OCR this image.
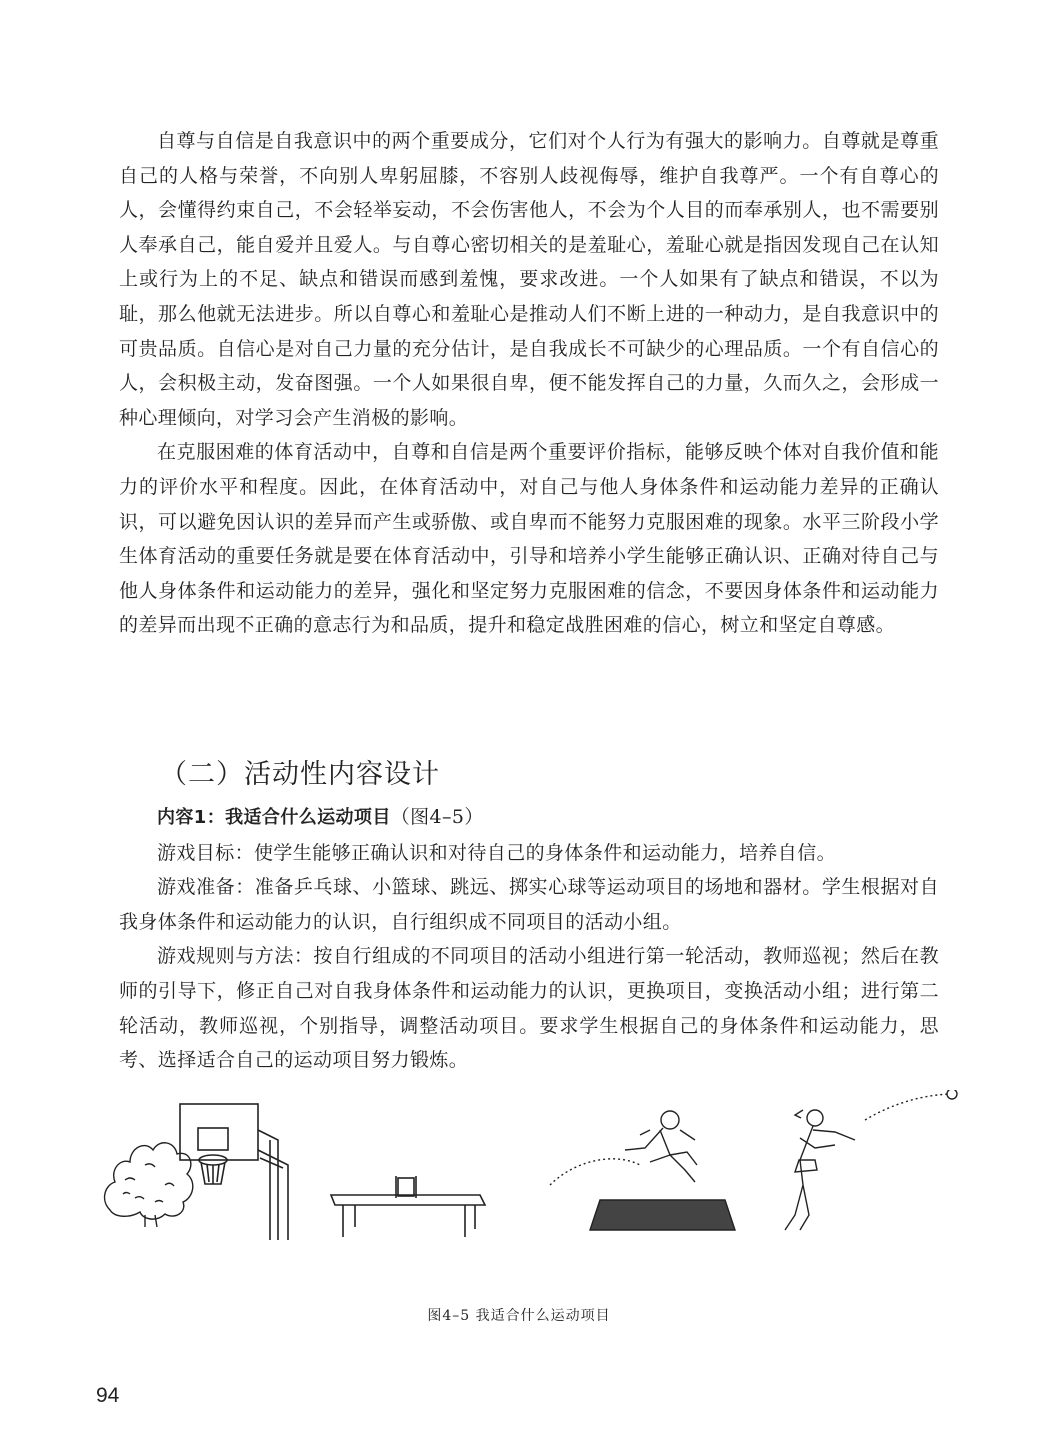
自尊与自信是自我意识中的两个重要成分，它们对个人行为有强大的影响力。自尊就是尊重自己的人格与荣誉，不向别人卑躬屈膝，不容别人歧视侮辱，维护自我尊严。一个有自尊心的人，会懂得约束自己，不会轻举妄动，不会伤害他人，不会为个人目的而奉承别人，也不需要别人奉承自己，能自爱并且爱人。与自尊心密切相关的是羞耻心，羞耻心就是指因发现自己在认知上或行为上的不足、缺点和错误而感到羞愧，要求改进。一个人如果有了缺点和错误，不以为耻，那么他就无法进步。所以自尊心和羞耻心是推动人们不断上进的一种动力，是自我意识中的可贵品质。自信心是对自己力量的充分估计，是自我成长不可缺少的心理品质。一个有自信心的人，会积极主动，发奋图强。一个人如果很自卑，便不能发挥自己的力量，久而久之，会形成一种心理倾向，对学习会产生消极的影响。

在克服困难的体育活动中，自尊和自信是两个重要评价指标，能够反映个体对自我价值和能力的评价水平和程度。因此，在体育活动中，对自己与他人身体条件和运动能力差异的正确认识，可以避免因认识的差异而产生或骄傲、或自卑而不能努力克服困难的现象。水平三阶段小学生体育活动的重要任务就是要在体育活动中，引导和培养小学生能够正确认识、正确对待自己与他人身体条件和运动能力的差异，强化和坚定努力克服困难的信念，不要因身体条件和运动能力的差异而出现不正确的意志行为和品质，提升和稳定战胜困难的信心，树立和坚定自尊感。

（二）活动性内容设计

内容1：我适合什么运动项目（图4–5）

游戏目标：使学生能够正确认识和对待自己的身体条件和运动能力，培养自信。

游戏准备：准备乒乓球、小篮球、跳远、掷实心球等运动项目的场地和器材。学生根据对自我身体条件和运动能力的认识，自行组织成不同项目的活动小组。

游戏规则与方法：按自行组成的不同项目的活动小组进行第一轮活动，教师巡视；然后在教师的引导下，修正自己对自我身体条件和运动能力的认识，更换项目，变换活动小组；进行第二轮活动，教师巡视，个别指导，调整活动项目。要求学生根据自己的身体条件和运动能力，思考、选择适合自己的运动项目努力锻炼。

图4–5 我适合什么运动项目
94
